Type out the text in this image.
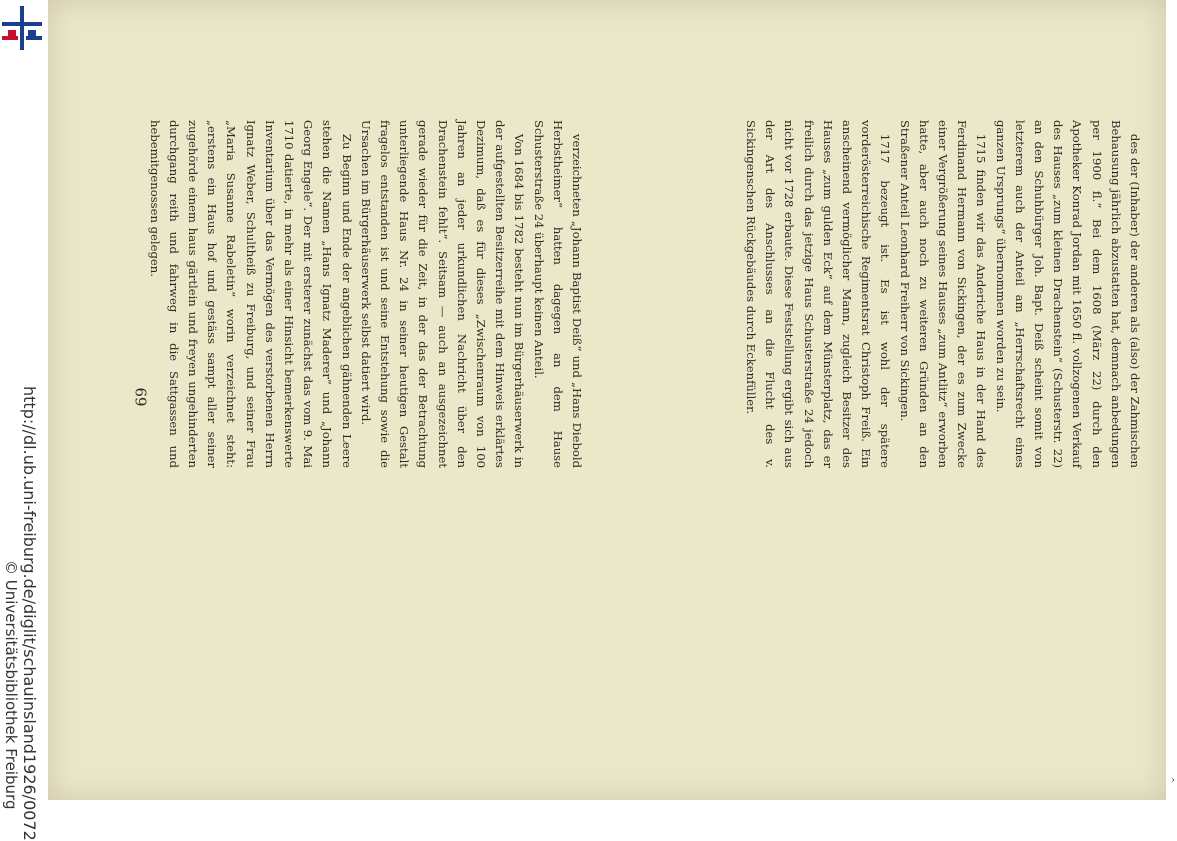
http://dl.ub.uni-freiburg.de/diglit/schauinsland1926/0072
© Universitätsbibliothek Freiburg

verzeichneten „Johann Baptist Deiß“ und „Hans Diebold Herbstheimer“ hatten dagegen an dem Hause Schusterstraße 24 überhaupt keinen Anteil.

Von 1684 bis 1782 besteht nun im Bürgerhäuserwerk in der aufgestellten Besitzerreihe mit dem Hinweis erklärtes Dezimum, daß es für dieses „Zwischenraum von 100 Jahren an jeder urkundlichen Nachricht über den Drachenstein fehlt“. Seitsam — auch an ausgezeichnet gerade wieder für die Zeit, in der das der Betrachtung unterliegende Haus Nr. 24 in seiner heutigen Gestalt fragelos entstanden ist und seine Entstehung sowie die Ursachen im Bürgerhäuserwerk selbst datiert wird.

Zu Beginn und Ende der angeblichen gähnenden Leere stehen die Namen „Hans Ignatz Maderer“ und „Johann Georg Engele“. Der mit ersterer zunächst das vom 9. Mai 1710 datierte, in mehr als einer Hinsicht bemerkenswerte Inventarium über das Vermögen des verstorbenen Herrn Ignatz Weber, Schultheiß zu Freiburg, und seiner Frau „Maria Susanne Rabeletin“ worin verzeichnet steht: „erstens ein Haus hof und gestäss sampt aller seiner zugehörde einem haus gärtlein und freyen ungehinderten durchgang reith und fahrweg in die Sattgassen und hebemitgenossen gelegen.	des der (Inhaber) der anderen als (also) der Zahmischen Behausung jährlich abzustatten hat, demnach anbedungen per 1900 fl.“ Bei dem 1608 (März 22) durch den Apotheker Konrad Jordan mit 1650 fl. vollzogenen Verkauf des Hauses „zum kleinen Drachenstein“ (Schusterstr. 22) an den Schuhbürger Joh. Bapt. Deiß scheint somit von letzterem auch der Anteil am „Herrschaftsrecht eines ganzen Ursprungs“ übernommen worden zu sein.

1715 finden wir das Anderiche Haus in der Hand des Ferdinand Hermann von Sickingen, der es zum Zwecke einer Vergrößerung seines Hauses „zum Antlitz“ erworben hatte, aber auch noch zu weiteren Gründen an den Straßener Anteil Leonhard Freiherr von Sickingen.

1717 bezeugt ist. Es ist wohl der spätere vorderösterreichische Regimentsrat Christoph Freiß. Ein anscheinend vermöglicher Mann, zugleich Besitzer des Hauses „zum gulden Eck“ auf dem Münsterplatz, das er freilich durch das jetzige Haus Schusterstraße 24 jedoch nicht vor 1728 erbaute. Diese Feststellung ergibt sich aus der Art des Anschlusses an die Flucht des v. Sickingenschen Rückgebäudes durch Eckenfüller.

69
›
